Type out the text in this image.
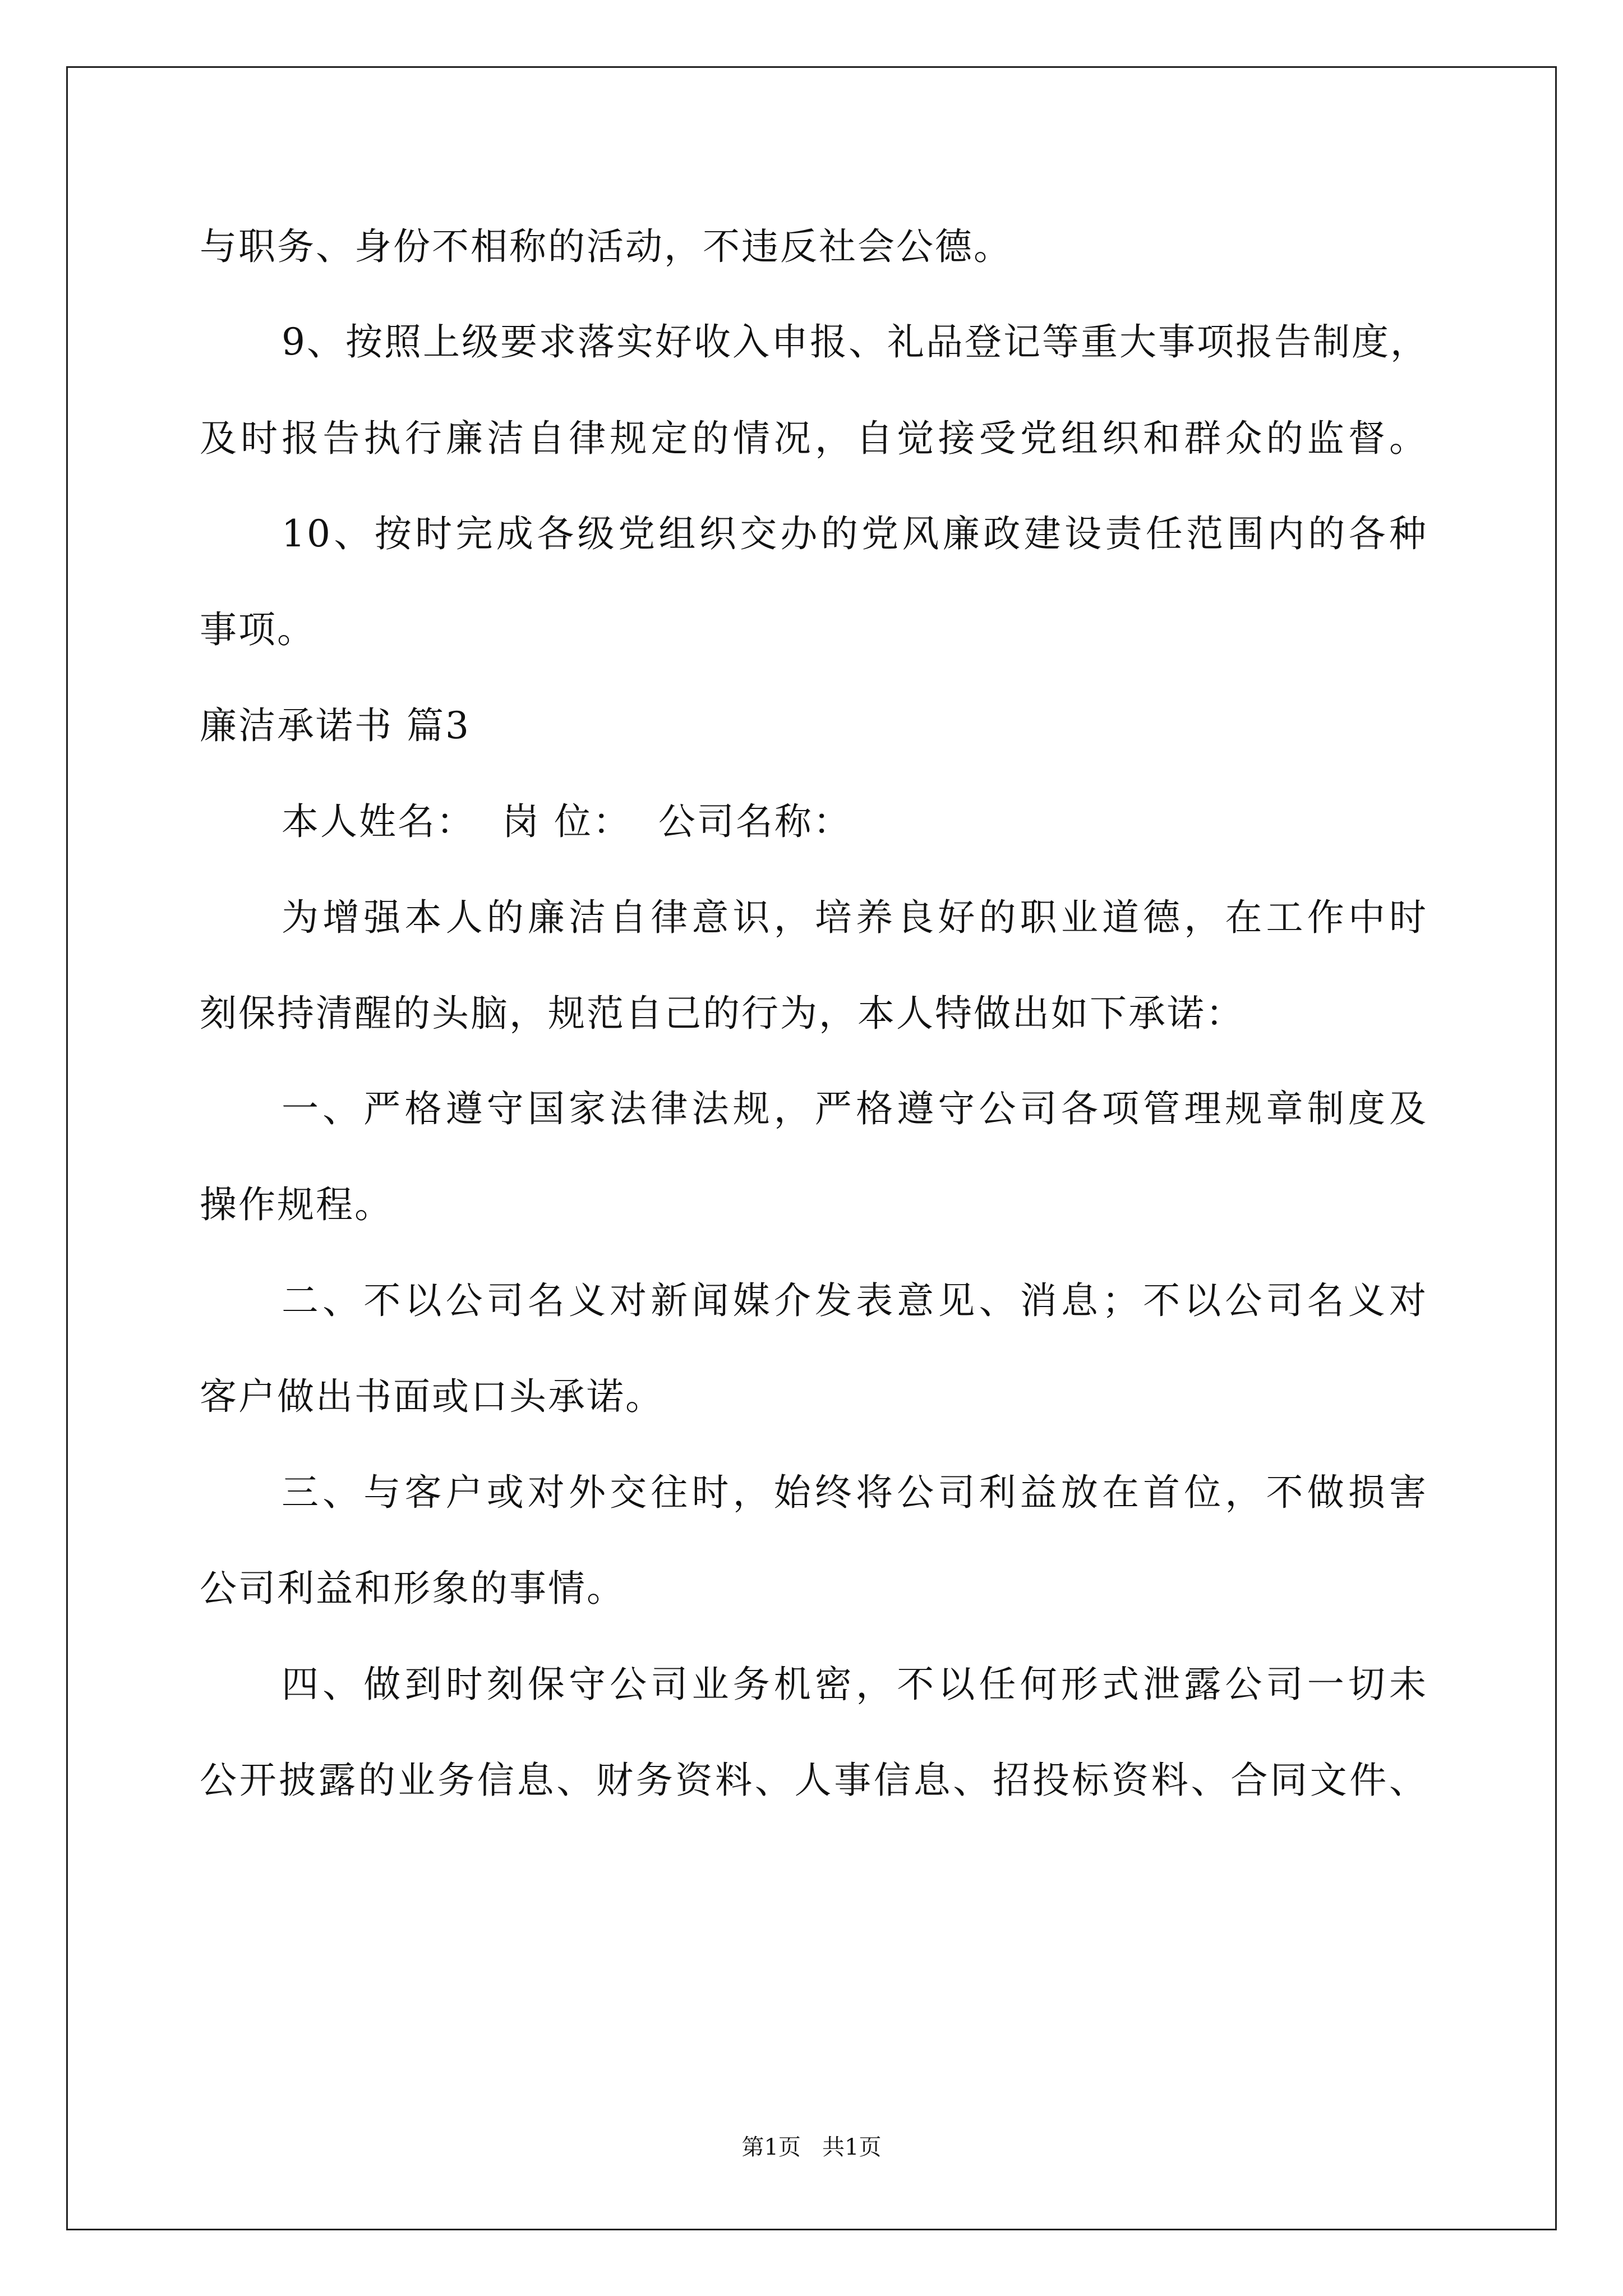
与职务、身份不相称的活动，不违反社会公德。
9、按照上级要求落实好收入申报、礼品登记等重大事项报告制度，
及时报告执行廉洁自律规定的情况，自觉接受党组织和群众的监督。
10、按时完成各级党组织交办的党风廉政建设责任范围内的各种
事项。
廉洁承诺书 篇3
本人姓名：  岗 位：  公司名称：
为增强本人的廉洁自律意识，培养良好的职业道德，在工作中时
刻保持清醒的头脑，规范自己的行为，本人特做出如下承诺：
一、严格遵守国家法律法规，严格遵守公司各项管理规章制度及
操作规程。
二、不以公司名义对新闻媒介发表意见、消息；不以公司名义对
客户做出书面或口头承诺。
三、与客户或对外交往时，始终将公司利益放在首位，不做损害
公司利益和形象的事情。
四、做到时刻保守公司业务机密，不以任何形式泄露公司一切未
公开披露的业务信息、财务资料、人事信息、招投标资料、合同文件、
第1页   共1页
